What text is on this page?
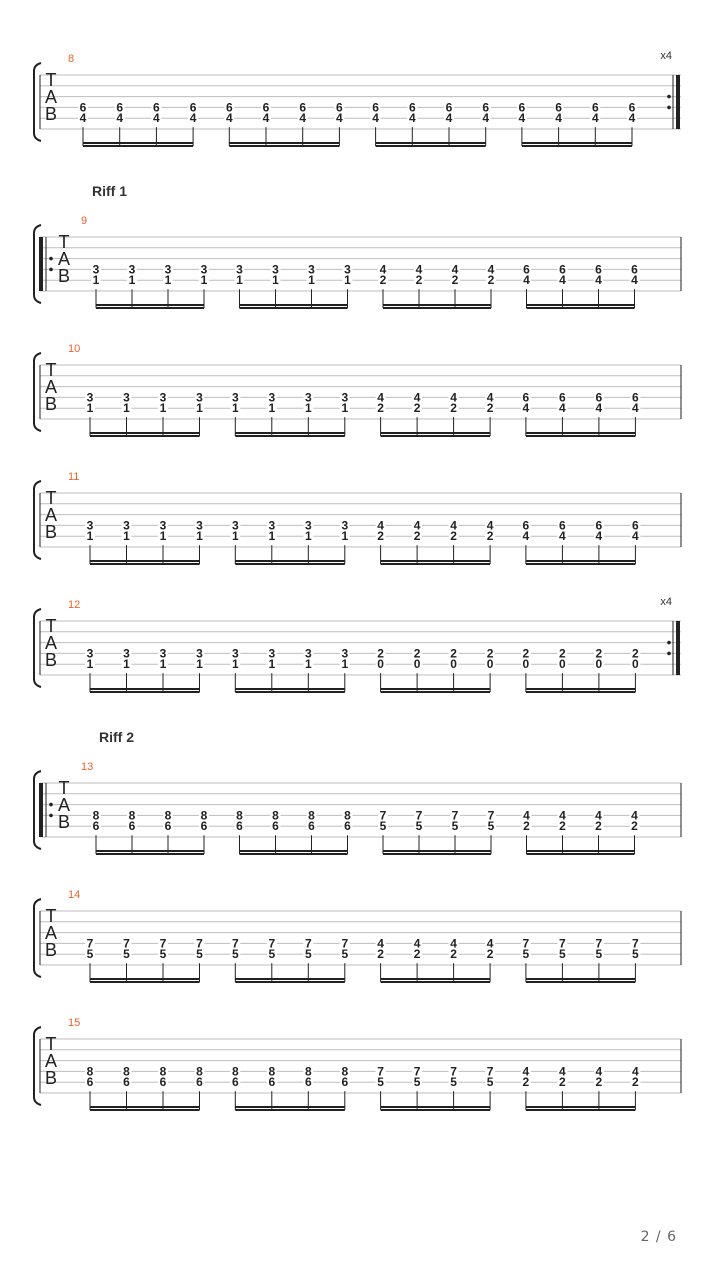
8
T
A
B
x4
6
4
6
4
6
4
6
4
6
4
6
4
6
4
6
4
6
4
6
4
6
4
6
4
6
4
6
4
6
4
6
4
Riff 1
9
T
A
B 3
1
3
1
3
1
3
1
3
1
3
1
3
1
3
1
4
2
4
2
4
2
4
2
6
4
6
4
6
4
6
4
10
T
A
B 3
1
3
1
3
1
3
1
3
1
3
1
3
1
3
1
4
2
4
2
4
2
4
2
6
4
6
4
6
4
6
4
11
T
A
B 3
1
3
1
3
1
3
1
3
1
3
1
3
1
3
1
4
2
4
2
4
2
4
2
6
4
6
4
6
4
6
4
12
T
A
B
x4
3
1
3
1
3
1
3
1
3
1
3
1
3
1
3
1
2
0
2
0
2
0
2
0
2
0
2
0
2
0
2
0
Riff 2
13
T
A
B 8
6
8
6
8
6
8
6
8
6
8
6
8
6
8
6
7
5
7
5
7
5
7
5
4
2
4
2
4
2
4
2
14
T
A
B 7
5
7
5
7
5
7
5
7
5
7
5
7
5
7
5
4
2
4
2
4
2
4
2
7
5
7
5
7
5
7
5
15
T
A
B 8
6
8
6
8
6
8
6
8
6
8
6
8
6
8
6
7
5
7
5
7
5
7
5
4
2
4
2
4
2
4
2
2 / 6
